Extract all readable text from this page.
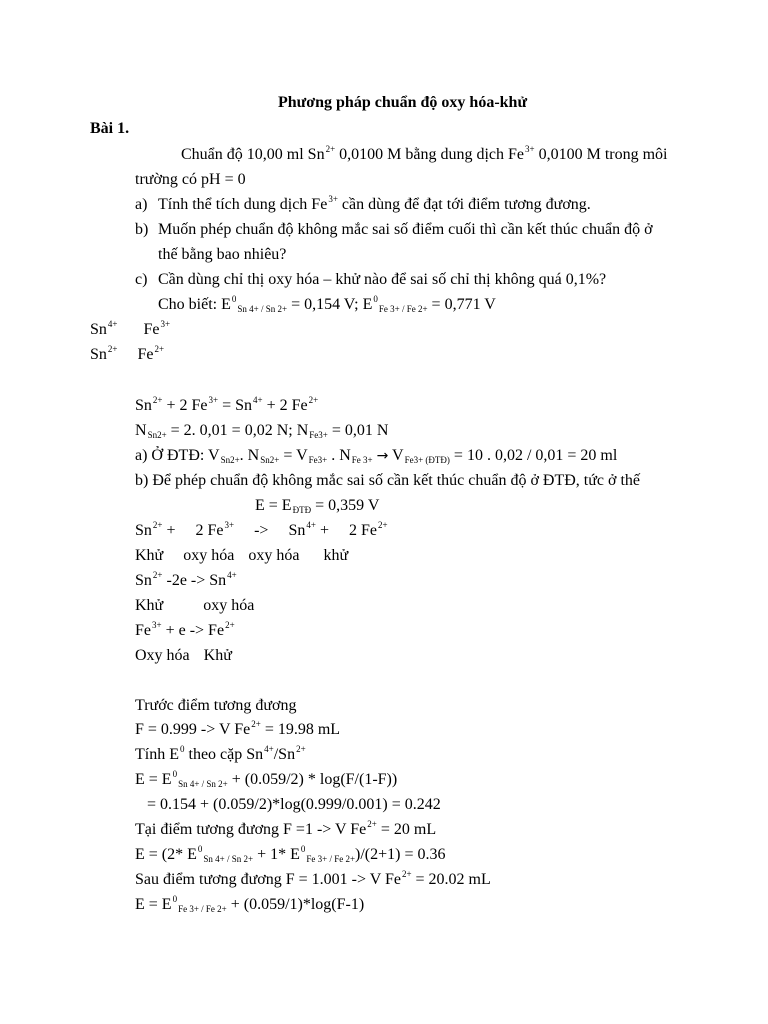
Phương pháp chuẩn độ oxy hóa-khử
Bài 1.
Chuẩn độ 10,00 ml $Sn^{2+}$ 0,0100 M bằng dung dịch $Fe^{3+}$ 0,0100 M trong môi
trường có pH = 0
a) Tính thể tích dung dịch $Fe^{3+}$ cần dùng để đạt tới điểm tương đương.
b) Muốn phép chuẩn độ không mắc sai số điểm cuối thì cần kết thúc chuẩn độ ở
thế bằng bao nhiêu?
c) Cần dùng chỉ thị oxy hóa – khử nào để sai số chỉ thị không quá 0,1%?
Cho biết: $E^0_{Sn 4+ / Sn 2+} = 0,154$ V; $E^0_{Fe 3+ / Fe 2+} = 0,771$ V
$Sn^{4+}$ $Fe^{3+}$
$Sn^{2+}$ $Fe^{2+}$
$Sn^{2+} + 2$ $Fe^{3+} = Sn^{4+} + 2$ $Fe^{2+}$
$N_{Sn2+} = 2$. 0,01 = 0,02 N; $N_{Fe3+} = 0,01$ N
a) Ở ĐTĐ: $V_{Sn2+}$. $N_{Sn2+} = V_{Fe3+}$ . $N_{Fe 3+} \to V_{Fe3+ (ĐTĐ)} = 10$ . 0,02 / 0,01 = 20 ml
b) Để phép chuẩn độ không mắc sai số cần kết thúc chuẩn độ ở ĐTĐ, tức ở thế
$E = E_{ĐTĐ} = 0,359$ V
$Sn^{2+} + 2$ $Fe^{3+} -> Sn^{4+} + 2$ $Fe^{2+}$
Khử oxy hóa oxy hóa khử
$Sn^{2+}$ $-2e -> Sn^{4+}$
Khử	oxy hóa
$Fe^{3+} + e -> Fe^{2+}$
Oxy hóa Khử
Trước điểm tương đương
F = 0.999 -> V $Fe^{2+} = 19.98$ mL
Tính $E^0$ theo cặp $Sn^{4+}/Sn^{2+}$
$E = E^0_{Sn 4+ / Sn 2+} + (0.059/2) * \log(F/(1-F))$
= 0.154 + (0.059/2)*log(0.999/0.001) = 0.242
Tại điểm tương đương F =1 -> V $Fe^{2+} = 20$ mL
E = (2* $E^0_{Sn 4+ / Sn 2+} + 1*$ $E^0_{Fe 3+ / Fe 2+})/(2+1) = 0.36$
Sau điểm tương đương F = 1.001 -> V $Fe^{2+} = 20.02$ mL
$E = E^0_{Fe 3+ / Fe 2+} + (0.059/1)*\log(F-1)$
